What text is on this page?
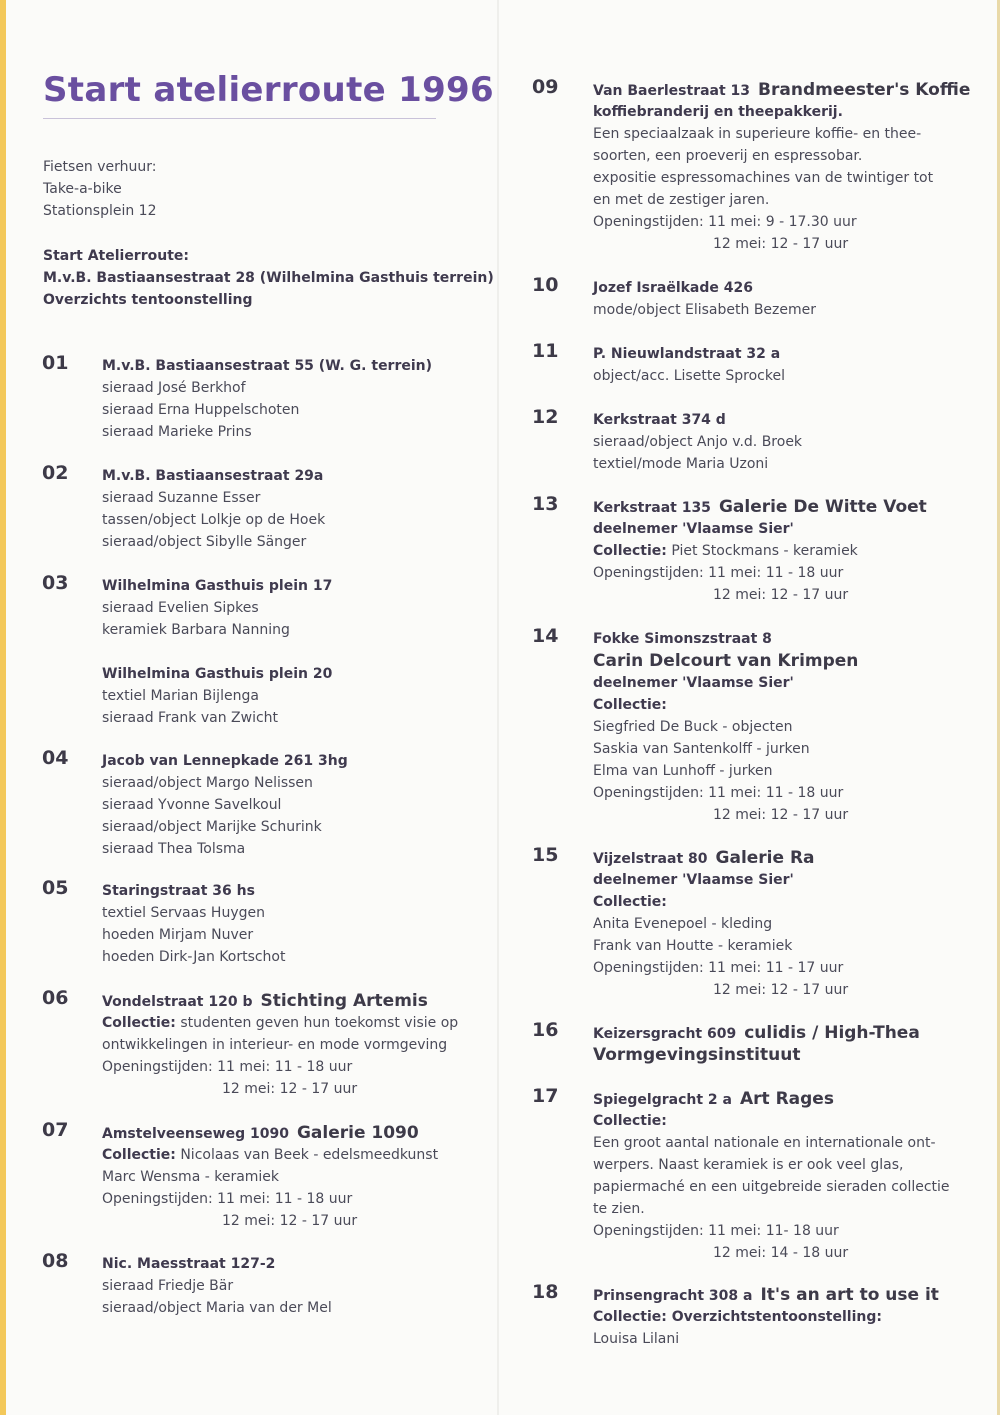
Start atelierroute 1996
Fietsen verhuur:
Take-a-bike
Stationsplein 12
Start Atelierroute:
M.v.B. Bastiaansestraat 28 (Wilhelmina Gasthuis terrein)
Overzichts tentoonstelling
01 M.v.B. Bastiaansestraat 55 (W. G. terrein)
sieraad José Berkhof
sieraad Erna Huppelschoten
sieraad Marieke Prins
02 M.v.B. Bastiaansestraat 29a
sieraad Suzanne Esser
tassen/object Lolkje op de Hoek
sieraad/object Sibylle Sänger
03 Wilhelmina Gasthuis plein 17
sieraad Evelien Sipkes
keramiek Barbara Nanning
Wilhelmina Gasthuis plein 20
textiel Marian Bijlenga
sieraad Frank van Zwicht
04 Jacob van Lennepkade 261 3hg
sieraad/object Margo Nelissen
sieraad Yvonne Savelkoul
sieraad/object Marijke Schurink
sieraad Thea Tolsma
05 Staringstraat 36 hs
textiel Servaas Huygen
hoeden Mirjam Nuver
hoeden Dirk-Jan Kortschot
06 Vondelstraat 120 b Stichting Artemis
Collectie: studenten geven hun toekomst visie op
ontwikkelingen in interieur- en mode vormgeving
Openingstijden: 11 mei: 11 - 18 uur
12 mei: 12 - 17 uur
07 Amstelveenseweg 1090 Galerie 1090
Collectie: Nicolaas van Beek - edelsmeedkunst
Marc Wensma - keramiek
Openingstijden: 11 mei: 11 - 18 uur
12 mei: 12 - 17 uur
08 Nic. Maesstraat 127-2
sieraad Friedje Bär
sieraad/object Maria van der Mel
09 Van Baerlestraat 13 Brandmeester's Koffie
koffiebranderij en theepakkerij.
Een speciaalzaak in superieure koffie- en thee-
soorten, een proeverij en espressobar.
expositie espressomachines van de twintiger tot
en met de zestiger jaren.
Openingstijden: 11 mei: 9 - 17.30 uur
12 mei: 12 - 17 uur
10 Jozef Israëlkade 426
mode/object Elisabeth Bezemer
11 P. Nieuwlandstraat 32 a
object/acc. Lisette Sprockel
12 Kerkstraat 374 d
sieraad/object Anjo v.d. Broek
textiel/mode Maria Uzoni
13 Kerkstraat 135 Galerie De Witte Voet
deelnemer 'Vlaamse Sier'
Collectie: Piet Stockmans - keramiek
Openingstijden: 11 mei: 11 - 18 uur
12 mei: 12 - 17 uur
14 Fokke Simonszstraat 8
Carin Delcourt van Krimpen
deelnemer 'Vlaamse Sier'
Collectie:
Siegfried De Buck - objecten
Saskia van Santenkolff - jurken
Elma van Lunhoff - jurken
Openingstijden: 11 mei: 11 - 18 uur
12 mei: 12 - 17 uur
15 Vijzelstraat 80 Galerie Ra
deelnemer 'Vlaamse Sier'
Collectie:
Anita Evenepoel - kleding
Frank van Houtte - keramiek
Openingstijden: 11 mei: 11 - 17 uur
12 mei: 12 - 17 uur
16 Keizersgracht 609 culidis / High-Thea
Vormgevingsinstituut
17 Spiegelgracht 2 a Art Rages
Collectie:
Een groot aantal nationale en internationale ont-
werpers. Naast keramiek is er ook veel glas,
papiermaché en een uitgebreide sieraden collectie
te zien.
Openingstijden: 11 mei: 11- 18 uur
12 mei: 14 - 18 uur
18 Prinsengracht 308 a It's an art to use it
Collectie: Overzichtstentoonstelling:
Louisa Lilani
